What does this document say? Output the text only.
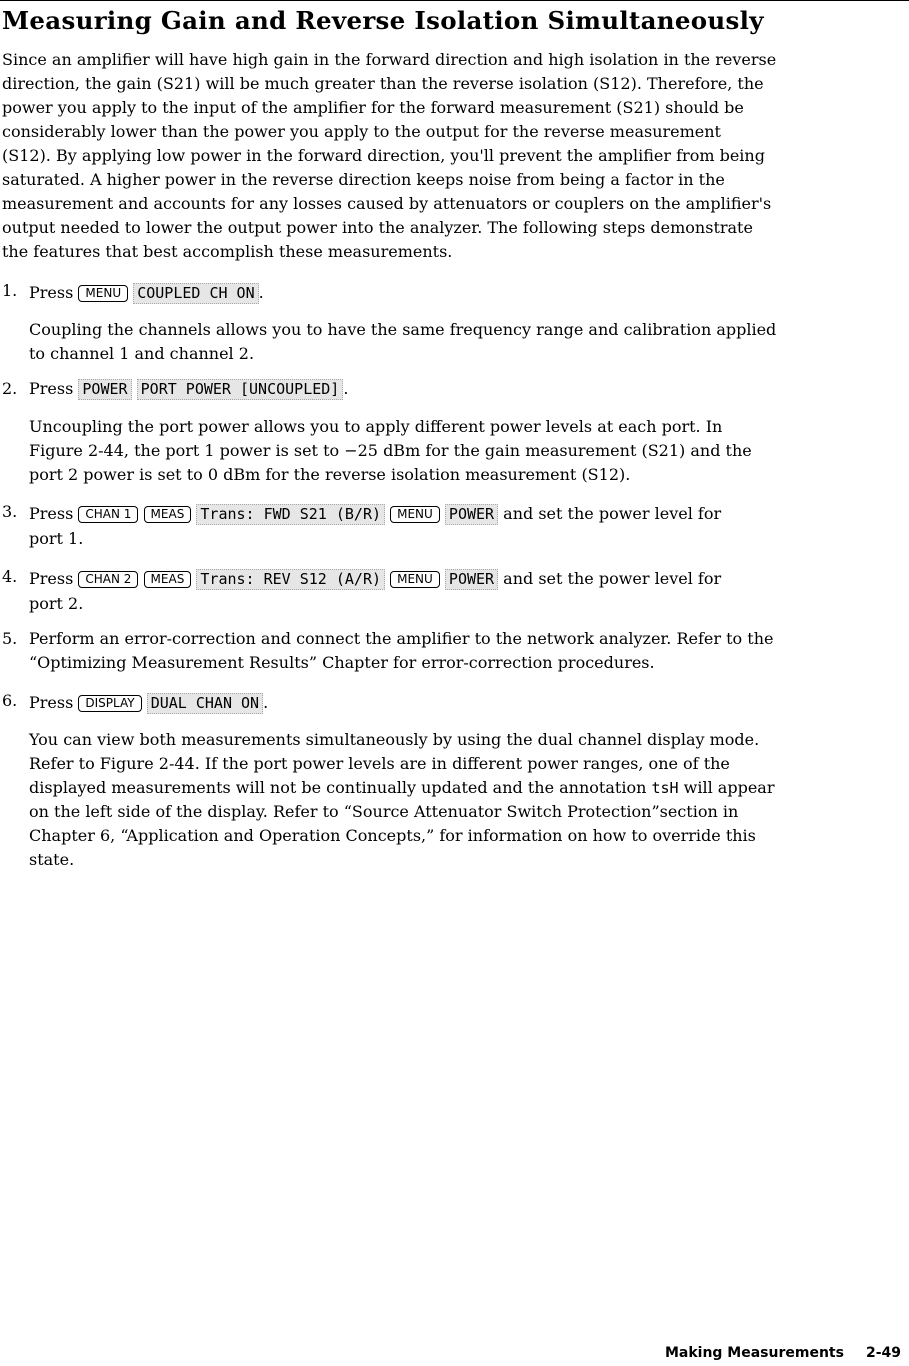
Measuring Gain and Reverse Isolation Simultaneously
Since an amplifier will have high gain in the forward direction and high isolation in the reverse
direction, the gain (S21) will be much greater than the reverse isolation (S12). Therefore, the
power you apply to the input of the amplifier for the forward measurement (S21) should be
considerably lower than the power you apply to the output for the reverse measurement
(S12). By applying low power in the forward direction, you'll prevent the amplifier from being
saturated. A higher power in the reverse direction keeps noise from being a factor in the
measurement and accounts for any losses caused by attenuators or couplers on the amplifier's
output needed to lower the output power into the analyzer. The following steps demonstrate
the features that best accomplish these measurements.
1. Press MENU COUPLED CH ON .
Coupling the channels allows you to have the same frequency range and calibration applied
to channel 1 and channel 2.
2. Press POWER PORT POWER [UNCOUPLED] .
Uncoupling the port power allows you to apply different power levels at each port. In
Figure 2-44, the port 1 power is set to −25 dBm for the gain measurement (S21) and the
port 2 power is set to 0 dBm for the reverse isolation measurement (S12).
3. Press CHAN 1 MEAS Trans: FWD S21 (B/R) MENU POWER and set the power level for
port 1.
4. Press CHAN 2 MEAS Trans: REV S12 (A/R) MENU POWER and set the power level for
port 2.
5. Perform an error-correction and connect the amplifier to the network analyzer. Refer to the
“Optimizing Measurement Results” Chapter for error-correction procedures.
6. Press DISPLAY DUAL CHAN ON .
You can view both measurements simultaneously by using the dual channel display mode.
Refer to Figure 2-44. If the port power levels are in different power ranges, one of the
displayed measurements will not be continually updated and the annotation tsH will appear
on the left side of the display. Refer to “Source Attenuator Switch Protection”section in
Chapter 6, “Application and Operation Concepts,” for information on how to override this
state.
Making Measurements 2-49
